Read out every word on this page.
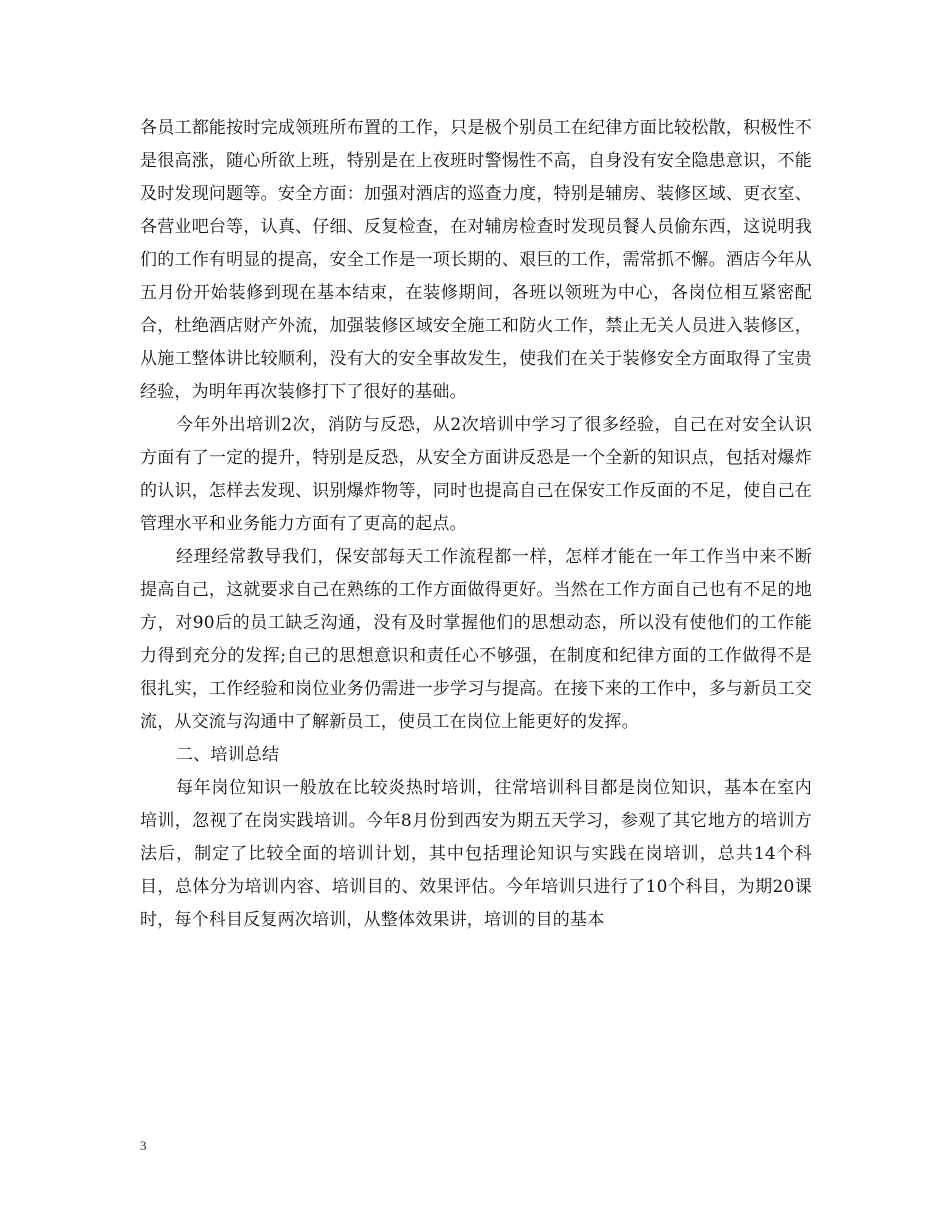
各员工都能按时完成领班所布置的工作，只是极个别员工在纪律方面比较松散，积极性不是很高涨，随心所欲上班，特别是在上夜班时警惕性不高，自身没有安全隐患意识，不能及时发现问题等。安全方面：加强对酒店的巡查力度，特别是辅房、装修区域、更衣室、各营业吧台等，认真、仔细、反复检查，在对辅房检查时发现员餐人员偷东西，这说明我们的工作有明显的提高，安全工作是一项长期的、艰巨的工作，需常抓不懈。酒店今年从五月份开始装修到现在基本结束，在装修期间，各班以领班为中心，各岗位相互紧密配合，杜绝酒店财产外流，加强装修区域安全施工和防火工作，禁止无关人员进入装修区，从施工整体讲比较顺利，没有大的安全事故发生，使我们在关于装修安全方面取得了宝贵经验，为明年再次装修打下了很好的基础。

今年外出培训2次，消防与反恐，从2次培训中学习了很多经验，自己在对安全认识方面有了一定的提升，特别是反恐，从安全方面讲反恐是一个全新的知识点，包括对爆炸的认识，怎样去发现、识别爆炸物等，同时也提高自己在保安工作反面的不足，使自己在管理水平和业务能力方面有了更高的起点。

经理经常教导我们，保安部每天工作流程都一样，怎样才能在一年工作当中来不断提高自己，这就要求自己在熟练的工作方面做得更好。当然在工作方面自己也有不足的地方，对90后的员工缺乏沟通，没有及时掌握他们的思想动态，所以没有使他们的工作能力得到充分的发挥;自己的思想意识和责任心不够强，在制度和纪律方面的工作做得不是很扎实，工作经验和岗位业务仍需进一步学习与提高。在接下来的工作中，多与新员工交流，从交流与沟通中了解新员工，使员工在岗位上能更好的发挥。

二、培训总结

每年岗位知识一般放在比较炎热时培训，往常培训科目都是岗位知识，基本在室内培训，忽视了在岗实践培训。今年8月份到西安为期五天学习，参观了其它地方的培训方法后，制定了比较全面的培训计划，其中包括理论知识与实践在岗培训，总共14个科目，总体分为培训内容、培训目的、效果评估。今年培训只进行了10个科目，为期20课时，每个科目反复两次培训，从整体效果讲，培训的目的基本

3
